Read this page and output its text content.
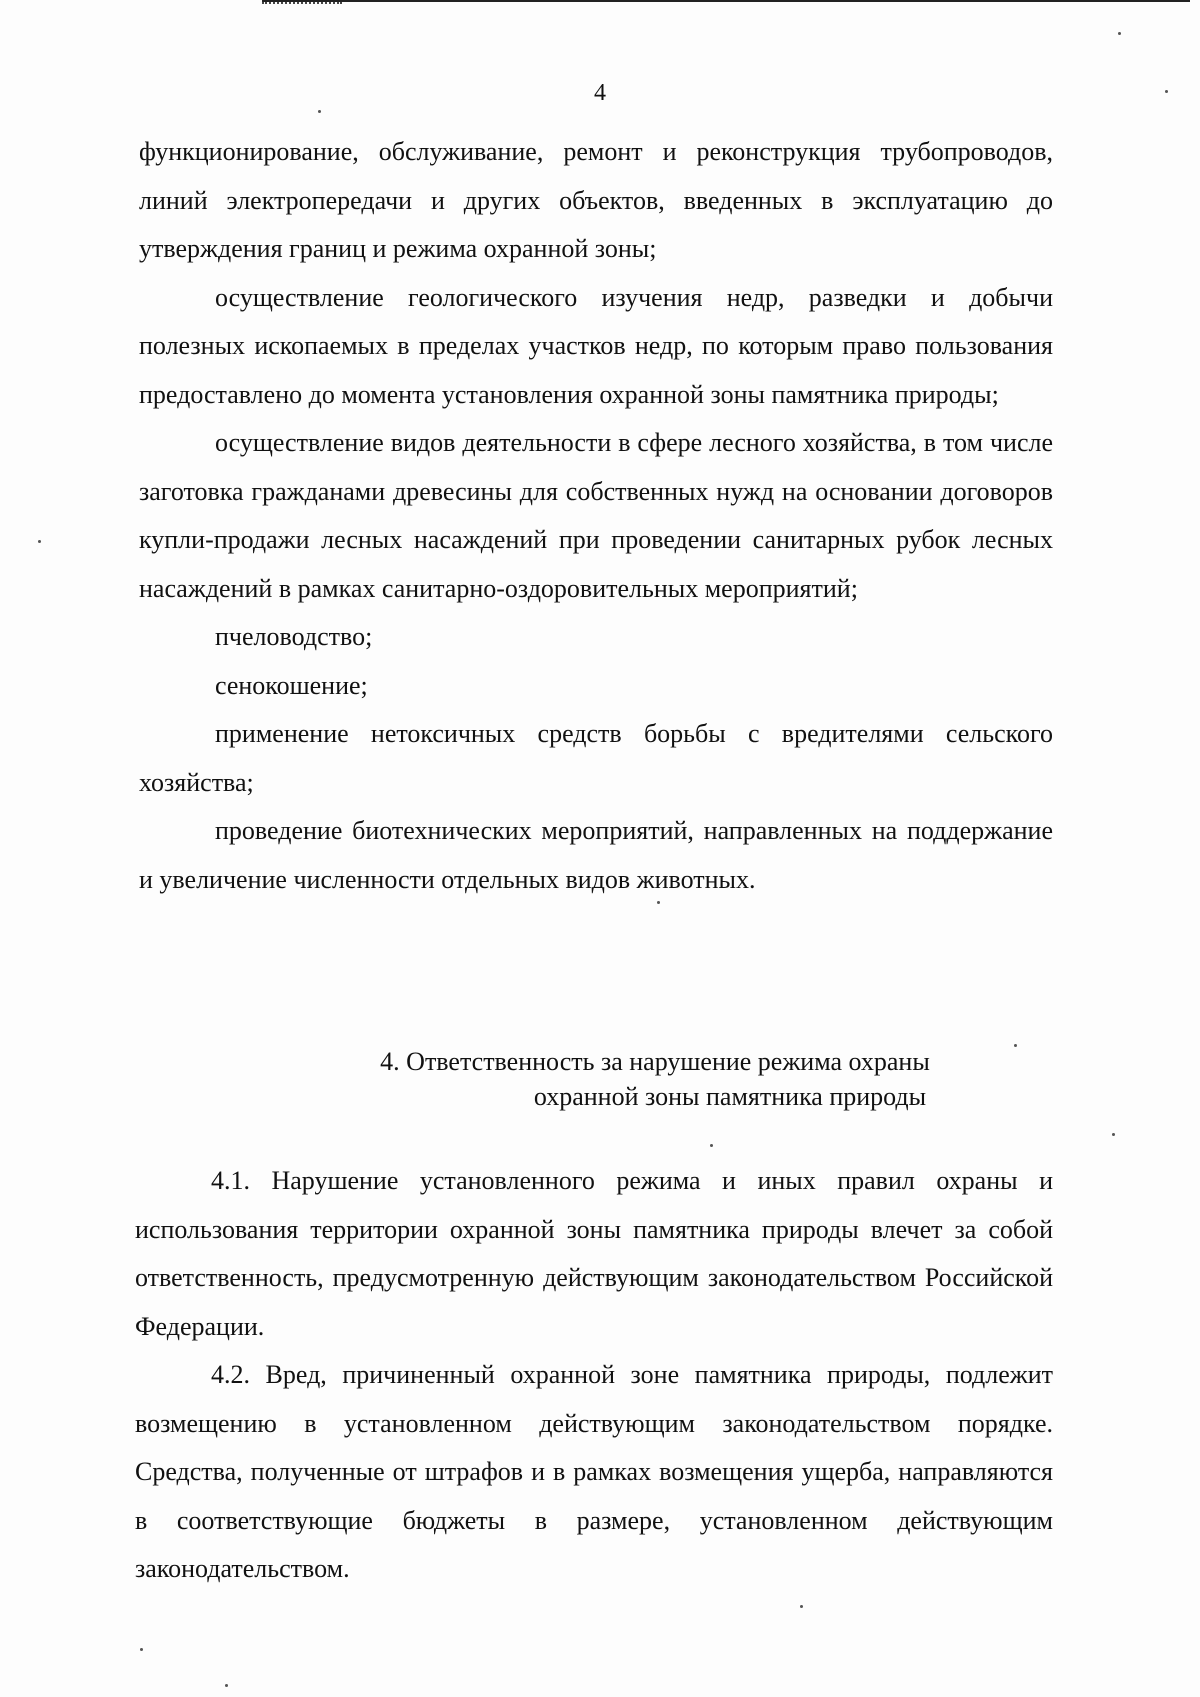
4

функционирование, обслуживание, ремонт и реконструкция трубопроводов, линий электропередачи и других объектов, введенных в эксплуатацию до утверждения границ и режима охранной зоны;

осуществление геологического изучения недр, разведки и добычи полезных ископаемых в пределах участков недр, по которым право пользования предоставлено до момента установления охранной зоны памятника природы;

осуществление видов деятельности в сфере лесного хозяйства, в том числе заготовка гражданами древесины для собственных нужд на основании договоров купли-продажи лесных насаждений при проведении санитарных рубок лесных насаждений в рамках санитарно-оздоровительных мероприятий;

пчеловодство;

сенокошение;

применение нетоксичных средств борьбы с вредителями сельского хозяйства;

проведение биотехнических мероприятий, направленных на поддержание и увеличение численности отдельных видов животных.

4. Ответственность за нарушение режима охраны
охранной зоны памятника природы

4.1. Нарушение установленного режима и иных правил охраны и использования территории охранной зоны памятника природы влечет за собой ответственность, предусмотренную действующим законодательством Российской Федерации.

4.2. Вред, причиненный охранной зоне памятника природы, подлежит возмещению в установленном действующим законодательством порядке. Средства, полученные от штрафов и в рамках возмещения ущерба, направляются в соответствующие бюджеты в размере, установленном действующим законодательством.
